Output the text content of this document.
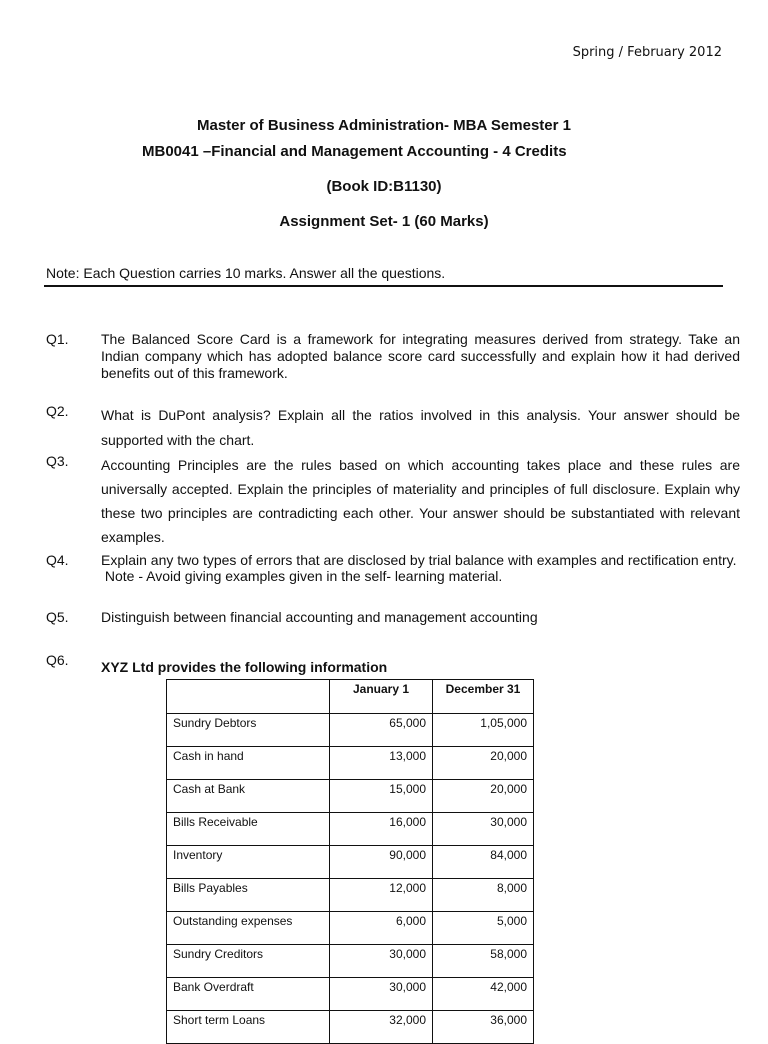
Spring / February 2012
Master of Business Administration- MBA Semester 1
MB0041 –Financial and Management Accounting - 4 Credits
(Book ID:B1130)
Assignment Set- 1 (60 Marks)
Note: Each Question carries 10 marks. Answer all the questions.
Q1. The Balanced Score Card is a framework for integrating measures derived from strategy. Take an Indian company which has adopted balance score card successfully and explain how it had derived benefits out of this framework.
Q2. What is DuPont analysis? Explain all the ratios involved in this analysis. Your answer should be supported with the chart.
Q3. Accounting Principles are the rules based on which accounting takes place and these rules are universally accepted. Explain the principles of materiality and principles of full disclosure. Explain why these two principles are contradicting each other. Your answer should be substantiated with relevant examples.
Q4. Explain any two types of errors that are disclosed by trial balance with examples and rectification entry.
Note - Avoid giving examples given in the self- learning material.
Q5. Distinguish between financial accounting and management accounting
Q6. XYZ Ltd provides the following information
	January 1	December 31
Sundry Debtors	65,000	1,05,000
Cash in hand	13,000	20,000
Cash at Bank	15,000	20,000
Bills Receivable	16,000	30,000
Inventory	90,000	84,000
Bills Payables	12,000	8,000
Outstanding expenses	6,000	5,000
Sundry Creditors	30,000	58,000
Bank Overdraft	30,000	42,000
Short term Loans	32,000	36,000
